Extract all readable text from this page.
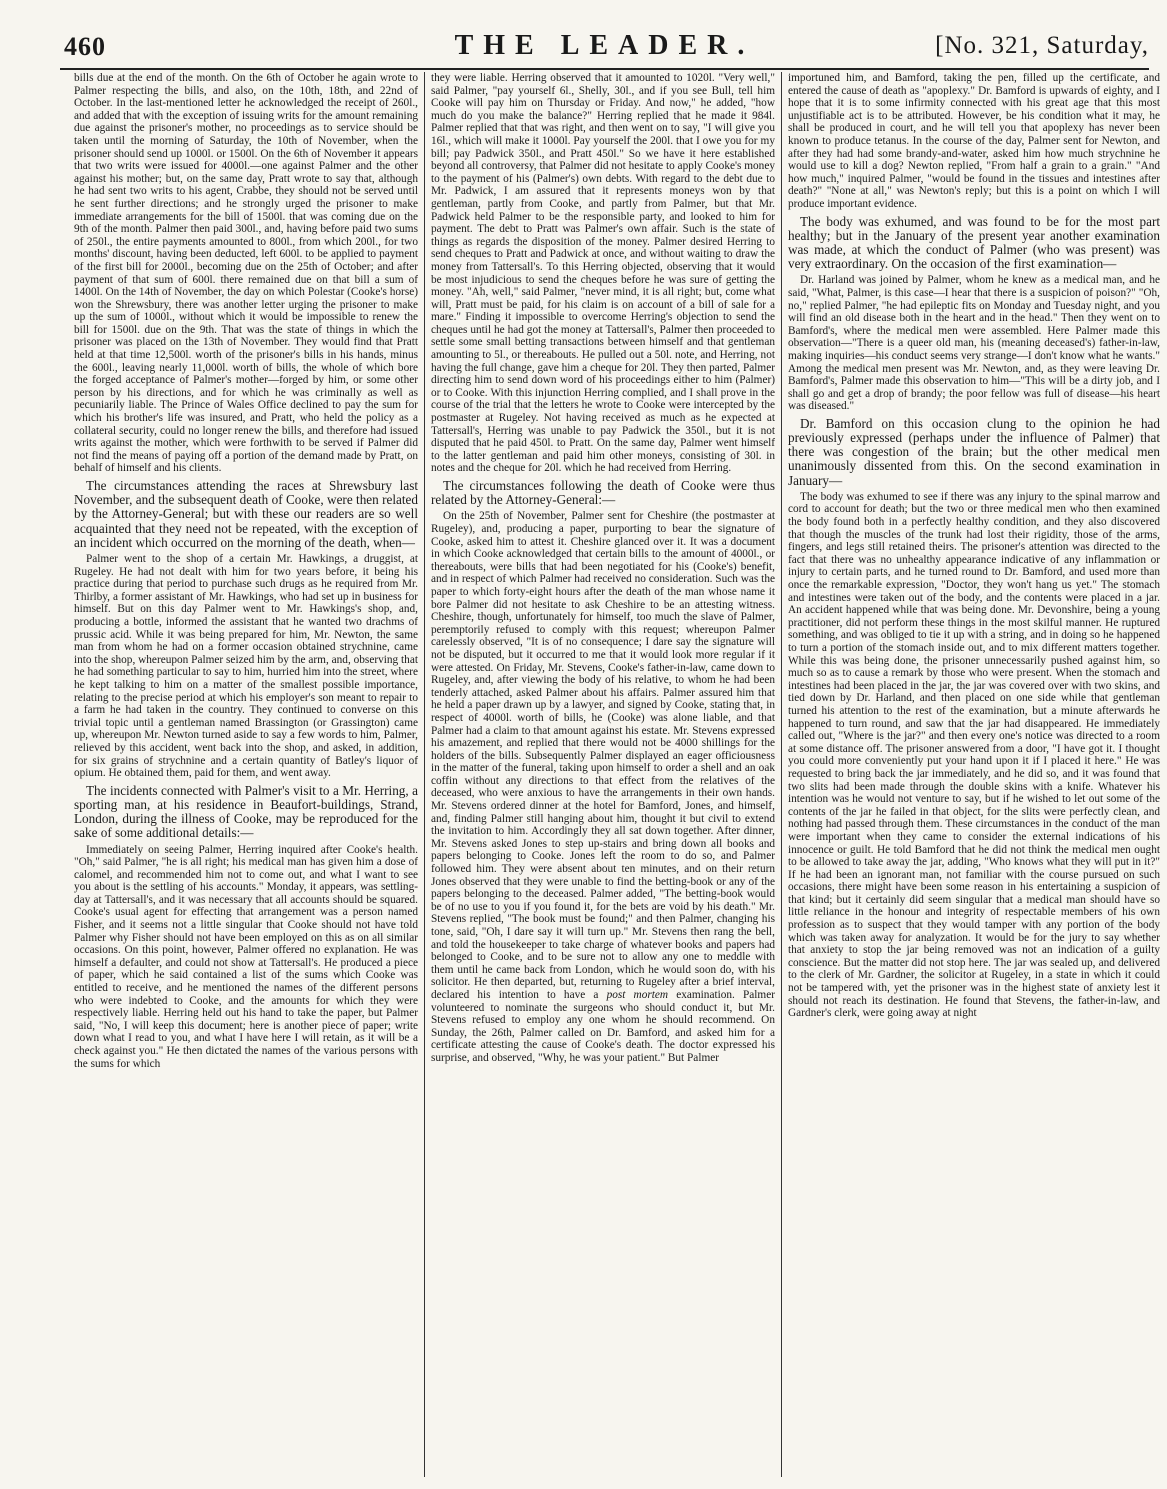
460	THE LEADER.	[No. 321, Saturday,

bills due at the end of the month. On the 6th of October he again wrote to Palmer respecting the bills, and also, on the 10th, 18th, and 22nd of October. In the last-mentioned letter he acknowledged the receipt of 260l., and added that with the exception of issuing writs for the amount remaining due against the prisoner's mother, no proceedings as to service should be taken until the morning of Saturday, the 10th of November, when the prisoner should send up 1000l. or 1500l. On the 6th of November it appears that two writs were issued for 4000l.—one against Palmer and the other against his mother; but, on the same day, Pratt wrote to say that, although he had sent two writs to his agent, Crabbe, they should not be served until he sent further directions; and he strongly urged the prisoner to make immediate arrangements for the bill of 1500l. that was coming due on the 9th of the month. Palmer then paid 300l., and, having before paid two sums of 250l., the entire payments amounted to 800l., from which 200l., for two months' discount, having been deducted, left 600l. to be applied to payment of the first bill for 2000l., becoming due on the 25th of October; and after payment of that sum of 600l. there remained due on that bill a sum of 1400l. On the 14th of November, the day on which Polestar (Cooke's horse) won the Shrewsbury, there was another letter urging the prisoner to make up the sum of 1000l., without which it would be impossible to renew the bill for 1500l. due on the 9th. That was the state of things in which the prisoner was placed on the 13th of November. They would find that Pratt held at that time 12,500l. worth of the prisoner's bills in his hands, minus the 600l., leaving nearly 11,000l. worth of bills, the whole of which bore the forged acceptance of Palmer's mother—forged by him, or some other person by his directions, and for which he was criminally as well as pecuniarily liable. The Prince of Wales Office declined to pay the sum for which his brother's life was insured, and Pratt, who held the policy as a collateral security, could no longer renew the bills, and therefore had issued writs against the mother, which were forthwith to be served if Palmer did not find the means of paying off a portion of the demand made by Pratt, on behalf of himself and his clients.

The circumstances attending the races at Shrewsbury last November, and the subsequent death of Cooke, were then related by the Attorney-General; but with these our readers are so well acquainted that they need not be repeated, with the exception of an incident which occurred on the morning of the death, when—

Palmer went to the shop of a certain Mr. Hawkings, a druggist, at Rugeley. He had not dealt with him for two years before, it being his practice during that period to purchase such drugs as he required from Mr. Thirlby, a former assistant of Mr. Hawkings, who had set up in business for himself. But on this day Palmer went to Mr. Hawkings's shop, and, producing a bottle, informed the assistant that he wanted two drachms of prussic acid. While it was being prepared for him, Mr. Newton, the same man from whom he had on a former occasion obtained strychnine, came into the shop, whereupon Palmer seized him by the arm, and, observing that he had something particular to say to him, hurried him into the street, where he kept talking to him on a matter of the smallest possible importance, relating to the precise period at which his employer's son meant to repair to a farm he had taken in the country. They continued to converse on this trivial topic until a gentleman named Brassington (or Grassington) came up, whereupon Mr. Newton turned aside to say a few words to him, Palmer, relieved by this accident, went back into the shop, and asked, in addition, for six grains of strychnine and a certain quantity of Batley's liquor of opium. He obtained them, paid for them, and went away.

The incidents connected with Palmer's visit to a Mr. Herring, a sporting man, at his residence in Beaufort-buildings, Strand, London, during the illness of Cooke, may be reproduced for the sake of some additional details:—

Immediately on seeing Palmer, Herring inquired after Cooke's health. "Oh," said Palmer, "he is all right; his medical man has given him a dose of calomel, and recommended him not to come out, and what I want to see you about is the settling of his accounts." Monday, it appears, was settling-day at Tattersall's, and it was necessary that all accounts should be squared. Cooke's usual agent for effecting that arrangement was a person named Fisher, and it seems not a little singular that Cooke should not have told Palmer why Fisher should not have been employed on this as on all similar occasions. On this point, however, Palmer offered no explanation. He was himself a defaulter, and could not show at Tattersall's. He produced a piece of paper, which he said contained a list of the sums which Cooke was entitled to receive, and he mentioned the names of the different persons who were indebted to Cooke, and the amounts for which they were respectively liable. Herring held out his hand to take the paper, but Palmer said, "No, I will keep this document; here is another piece of paper; write down what I read to you, and what I have here I will retain, as it will be a check against you." He then dictated the names of the various persons with the sums for which

they were liable. Herring observed that it amounted to 1020l. "Very well," said Palmer, "pay yourself 6l., Shelly, 30l., and if you see Bull, tell him Cooke will pay him on Thursday or Friday. And now," he added, "how much do you make the balance?" Herring replied that he made it 984l. Palmer replied that that was right, and then went on to say, "I will give you 16l., which will make it 1000l. Pay yourself the 200l. that I owe you for my bill; pay Padwick 350l., and Pratt 450l." So we have it here established beyond all controversy, that Palmer did not hesitate to apply Cooke's money to the payment of his (Palmer's) own debts. With regard to the debt due to Mr. Padwick, I am assured that it represents moneys won by that gentleman, partly from Cooke, and partly from Palmer, but that Mr. Padwick held Palmer to be the responsible party, and looked to him for payment. The debt to Pratt was Palmer's own affair. Such is the state of things as regards the disposition of the money. Palmer desired Herring to send cheques to Pratt and Padwick at once, and without waiting to draw the money from Tattersall's. To this Herring objected, observing that it would be most injudicious to send the cheques before he was sure of getting the money. "Ah, well," said Palmer, "never mind, it is all right; but, come what will, Pratt must be paid, for his claim is on account of a bill of sale for a mare." Finding it impossible to overcome Herring's objection to send the cheques until he had got the money at Tattersall's, Palmer then proceeded to settle some small betting transactions between himself and that gentleman amounting to 5l., or thereabouts. He pulled out a 50l. note, and Herring, not having the full change, gave him a cheque for 20l. They then parted, Palmer directing him to send down word of his proceedings either to him (Palmer) or to Cooke. With this injunction Herring complied, and I shall prove in the course of the trial that the letters he wrote to Cooke were intercepted by the postmaster at Rugeley. Not having received as much as he expected at Tattersall's, Herring was unable to pay Padwick the 350l., but it is not disputed that he paid 450l. to Pratt. On the same day, Palmer went himself to the latter gentleman and paid him other moneys, consisting of 30l. in notes and the cheque for 20l. which he had received from Herring.

The circumstances following the death of Cooke were thus related by the Attorney-General:—

On the 25th of November, Palmer sent for Cheshire (the postmaster at Rugeley), and, producing a paper, purporting to bear the signature of Cooke, asked him to attest it. Cheshire glanced over it. It was a document in which Cooke acknowledged that certain bills to the amount of 4000l., or thereabouts, were bills that had been negotiated for his (Cooke's) benefit, and in respect of which Palmer had received no consideration. Such was the paper to which forty-eight hours after the death of the man whose name it bore Palmer did not hesitate to ask Cheshire to be an attesting witness. Cheshire, though, unfortunately for himself, too much the slave of Palmer, peremptorily refused to comply with this request; whereupon Palmer carelessly observed, "It is of no consequence; I dare say the signature will not be disputed, but it occurred to me that it would look more regular if it were attested. On Friday, Mr. Stevens, Cooke's father-in-law, came down to Rugeley, and, after viewing the body of his relative, to whom he had been tenderly attached, asked Palmer about his affairs. Palmer assured him that he held a paper drawn up by a lawyer, and signed by Cooke, stating that, in respect of 4000l. worth of bills, he (Cooke) was alone liable, and that Palmer had a claim to that amount against his estate. Mr. Stevens expressed his amazement, and replied that there would not be 4000 shillings for the holders of the bills. Subsequently Palmer displayed an eager officiousness in the matter of the funeral, taking upon himself to order a shell and an oak coffin without any directions to that effect from the relatives of the deceased, who were anxious to have the arrangements in their own hands. Mr. Stevens ordered dinner at the hotel for Bamford, Jones, and himself, and, finding Palmer still hanging about him, thought it but civil to extend the invitation to him. Accordingly they all sat down together. After dinner, Mr. Stevens asked Jones to step up-stairs and bring down all books and papers belonging to Cooke. Jones left the room to do so, and Palmer followed him. They were absent about ten minutes, and on their return Jones observed that they were unable to find the betting-book or any of the papers belonging to the deceased. Palmer added, "The betting-book would be of no use to you if you found it, for the bets are void by his death." Mr. Stevens replied, "The book must be found;" and then Palmer, changing his tone, said, "Oh, I dare say it will turn up." Mr. Stevens then rang the bell, and told the housekeeper to take charge of whatever books and papers had belonged to Cooke, and to be sure not to allow any one to meddle with them until he came back from London, which he would soon do, with his solicitor. He then departed, but, returning to Rugeley after a brief interval, declared his intention to have a post mortem examination. Palmer volunteered to nominate the surgeons who should conduct it, but Mr. Stevens refused to employ any one whom he should recommend. On Sunday, the 26th, Palmer called on Dr. Bamford, and asked him for a certificate attesting the cause of Cooke's death. The doctor expressed his surprise, and observed, "Why, he was your patient." But Palmer

importuned him, and Bamford, taking the pen, filled up the certificate, and entered the cause of death as "apoplexy." Dr. Bamford is upwards of eighty, and I hope that it is to some infirmity connected with his great age that this most unjustifiable act is to be attributed. However, be his condition what it may, he shall be produced in court, and he will tell you that apoplexy has never been known to produce tetanus. In the course of the day, Palmer sent for Newton, and after they had had some brandy-and-water, asked him how much strychnine he would use to kill a dog? Newton replied, "From half a grain to a grain." "And how much," inquired Palmer, "would be found in the tissues and intestines after death?" "None at all," was Newton's reply; but this is a point on which I will produce important evidence.

The body was exhumed, and was found to be for the most part healthy; but in the January of the present year another examination was made, at which the conduct of Palmer (who was present) was very extraordinary. On the occasion of the first examination—

Dr. Harland was joined by Palmer, whom he knew as a medical man, and he said, "What, Palmer, is this case—I hear that there is a suspicion of poison?" "Oh, no," replied Palmer, "he had epileptic fits on Monday and Tuesday night, and you will find an old disease both in the heart and in the head." Then they went on to Bamford's, where the medical men were assembled. Here Palmer made this observation—"There is a queer old man, his (meaning deceased's) father-in-law, making inquiries—his conduct seems very strange—I don't know what he wants." Among the medical men present was Mr. Newton, and, as they were leaving Dr. Bamford's, Palmer made this observation to him—"This will be a dirty job, and I shall go and get a drop of brandy; the poor fellow was full of disease—his heart was diseased."

Dr. Bamford on this occasion clung to the opinion he had previously expressed (perhaps under the influence of Palmer) that there was congestion of the brain; but the other medical men unanimously dissented from this. On the second examination in January—

The body was exhumed to see if there was any injury to the spinal marrow and cord to account for death; but the two or three medical men who then examined the body found both in a perfectly healthy condition, and they also discovered that though the muscles of the trunk had lost their rigidity, those of the arms, fingers, and legs still retained theirs. The prisoner's attention was directed to the fact that there was no unhealthy appearance indicative of any inflammation or injury to certain parts, and he turned round to Dr. Bamford, and used more than once the remarkable expression, "Doctor, they won't hang us yet." The stomach and intestines were taken out of the body, and the contents were placed in a jar. An accident happened while that was being done. Mr. Devonshire, being a young practitioner, did not perform these things in the most skilful manner. He ruptured something, and was obliged to tie it up with a string, and in doing so he happened to turn a portion of the stomach inside out, and to mix different matters together. While this was being done, the prisoner unnecessarily pushed against him, so much so as to cause a remark by those who were present. When the stomach and intestines had been placed in the jar, the jar was covered over with two skins, and tied down by Dr. Harland, and then placed on one side while that gentleman turned his attention to the rest of the examination, but a minute afterwards he happened to turn round, and saw that the jar had disappeared. He immediately called out, "Where is the jar?" and then every one's notice was directed to a room at some distance off. The prisoner answered from a door, "I have got it. I thought you could more conveniently put your hand upon it if I placed it here." He was requested to bring back the jar immediately, and he did so, and it was found that two slits had been made through the double skins with a knife. Whatever his intention was he would not venture to say, but if he wished to let out some of the contents of the jar he failed in that object, for the slits were perfectly clean, and nothing had passed through them. These circumstances in the conduct of the man were important when they came to consider the external indications of his innocence or guilt. He told Bamford that he did not think the medical men ought to be allowed to take away the jar, adding, "Who knows what they will put in it?" If he had been an ignorant man, not familiar with the course pursued on such occasions, there might have been some reason in his entertaining a suspicion of that kind; but it certainly did seem singular that a medical man should have so little reliance in the honour and integrity of respectable members of his own profession as to suspect that they would tamper with any portion of the body which was taken away for analyzation. It would be for the jury to say whether that anxiety to stop the jar being removed was not an indication of a guilty conscience. But the matter did not stop here. The jar was sealed up, and delivered to the clerk of Mr. Gardner, the solicitor at Rugeley, in a state in which it could not be tampered with, yet the prisoner was in the highest state of anxiety lest it should not reach its destination. He found that Stevens, the father-in-law, and Gardner's clerk, were going away at night
